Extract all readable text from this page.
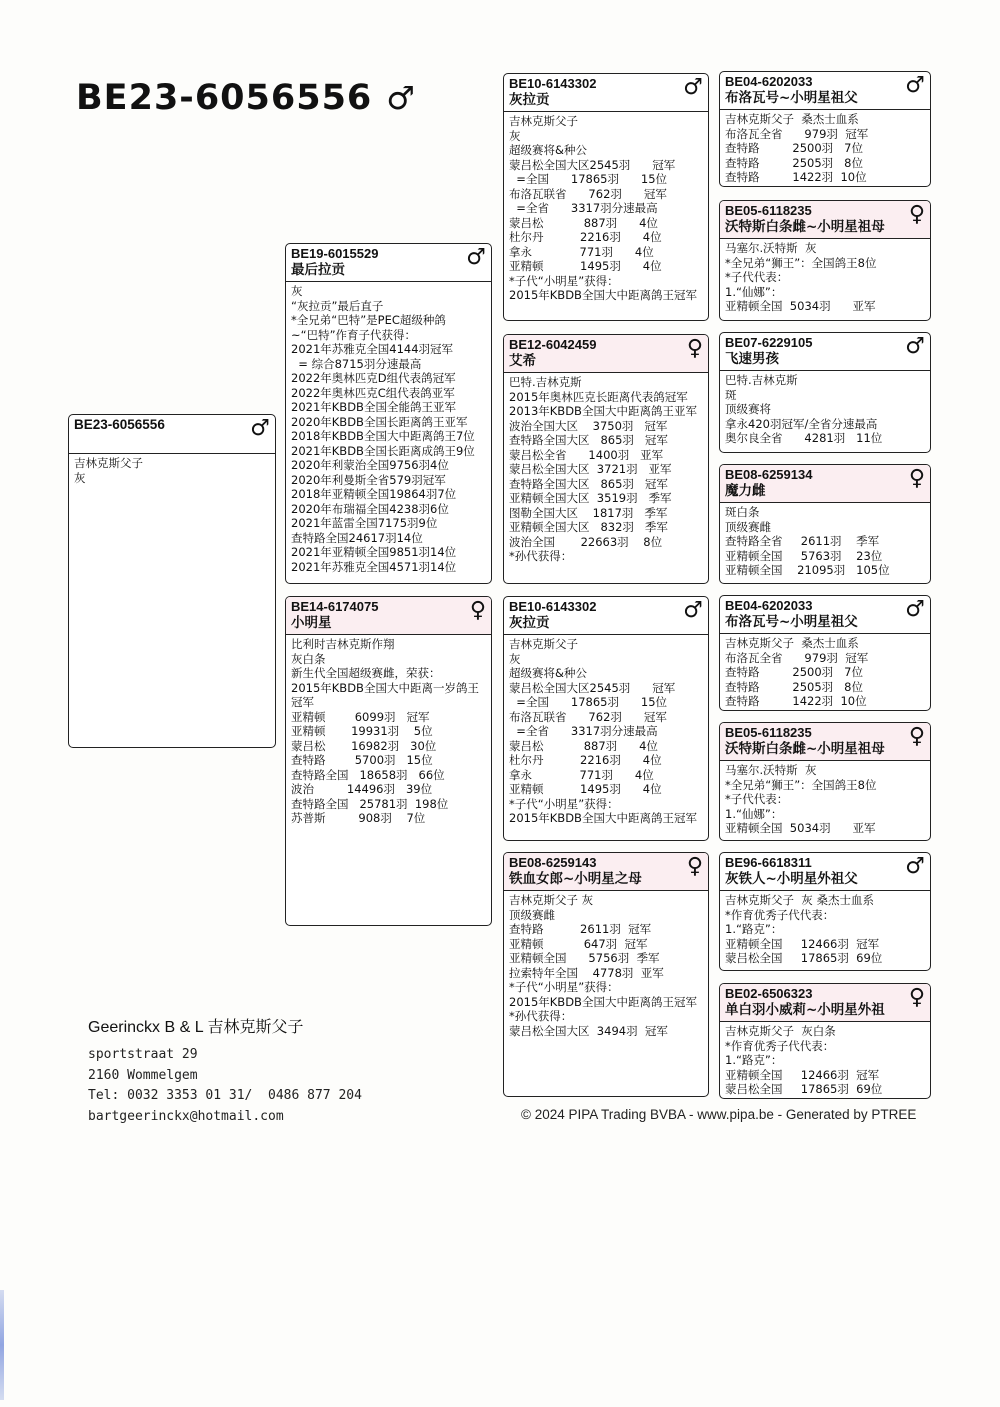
BE23-6056556 ♂
BE23-6056556	♂
吉林克斯父子
灰
BE19-6015529
最后拉贡	♂
灰
“灰拉贡”最后直子
*全兄弟“巴特”是PEC超级种鸽
~“巴特”作育子代获得：
2021年苏雅克全国4144羽冠军
= 综合8715羽分速最高
2022年奥林匹克D组代表鸽冠军
2022年奥林匹克C组代表鸽亚军
2021年KBDB全国全能鸽王亚军
2020年KBDB全国长距离鸽王亚军
2018年KBDB全国大中距离鸽王7位
2021年KBDB全国长距离成鸽王9位
2020年利蒙治全国9756羽4位
2020年利曼斯全省579羽冠军
2018年亚精顿全国19864羽7位
2020年布瑞福全国4238羽6位
2021年蓝雷全国7175羽9位
查特路全国24617羽14位
2021年亚精顿全国9851羽14位
2021年苏雅克全国4571羽14位
BE14-6174075
小明星	♀
比利时吉林克斯作翔
灰白条
新生代全国超级赛雌，荣获：
2015年KBDB全国大中距离一岁鸽王
冠军
亚精顿        6099羽   冠军
亚精顿       19931羽    5位
蒙吕松       16982羽   30位
查特路        5700羽   15位
查特路全国   18658羽   66位
波治         14496羽   39位
查特路全国   25781羽  198位
苏普斯         908羽    7位
BE10-6143302
灰拉贡	♂
吉林克斯父子
灰
超级赛将&种公
蒙吕松全国大区2545羽      冠军
=全国      17865羽      15位
布洛瓦联省      762羽      冠军
=全省      3317羽分速最高
蒙吕松           887羽      4位
杜尔丹          2216羽      4位
拿永             771羽      4位
亚精顿          1495羽      4位
*子代“小明星”获得：
2015年KBDB全国大中距离鸽王冠军
BE12-6042459
艾希	♀
巴特.吉林克斯
2015年奥林匹克长距离代表鸽冠军
2013年KBDB全国大中距离鸽王亚军
波治全国大区    3750羽   冠军
查特路全国大区   865羽   冠军
蒙吕松全省      1400羽   亚军
蒙吕松全国大区  3721羽   亚军
查特路全国大区   865羽   冠军
亚精顿全国大区  3519羽   季军
图勒全国大区    1817羽   季军
亚精顿全国大区   832羽   季军
波治全国       22663羽    8位
*孙代获得：
BE10-6143302
灰拉贡	♂
吉林克斯父子
灰
超级赛将&种公
蒙吕松全国大区2545羽      冠军
=全国      17865羽      15位
布洛瓦联省      762羽      冠军
=全省      3317羽分速最高
蒙吕松           887羽      4位
杜尔丹          2216羽      4位
拿永             771羽      4位
亚精顿          1495羽      4位
*子代“小明星”获得：
2015年KBDB全国大中距离鸽王冠军
BE08-6259143
铁血女郎~小明星之母	♀
吉林克斯父子 灰
顶级赛雌
查特路          2611羽  冠军
亚精顿           647羽  冠军
亚精顿全国      5756羽  季军
拉索特年全国    4778羽  亚军
*子代“小明星”获得：
2015年KBDB全国大中距离鸽王冠军
*孙代获得：
蒙吕松全国大区  3494羽  冠军
BE04-6202033
布洛瓦号~小明星祖父	♂
吉林克斯父子  桑杰士血系
布洛瓦全省      979羽  冠军
查特路         2500羽   7位
查特路         2505羽   8位
查特路         1422羽  10位
BE05-6118235
沃特斯白条雌~小明星祖母	♀
马塞尔.沃特斯  灰
*全兄弟“狮王”：全国鸽王8位
*子代代表：
1.“仙娜”：
亚精顿全国  5034羽      亚军
BE07-6229105
飞速男孩	♂
巴特.吉林克斯
斑
顶级赛将
拿永420羽冠军/全省分速最高
奥尔良全省      4281羽   11位
BE08-6259134
魔力雌	♀
斑白条
顶级赛雌
查特路全省     2611羽    季军
亚精顿全国     5763羽    23位
亚精顿全国    21095羽   105位
BE04-6202033
布洛瓦号~小明星祖父	♂
吉林克斯父子  桑杰士血系
布洛瓦全省      979羽  冠军
查特路         2500羽   7位
查特路         2505羽   8位
查特路         1422羽  10位
BE05-6118235
沃特斯白条雌~小明星祖母	♀
马塞尔.沃特斯  灰
*全兄弟“狮王”：全国鸽王8位
*子代代表：
1.“仙娜”：
亚精顿全国  5034羽      亚军
BE96-6618311
灰铁人~小明星外祖父	♂
吉林克斯父子  灰 桑杰士血系
*作育优秀子代代表：
1.“路克”：
亚精顿全国     12466羽  冠军
蒙吕松全国     17865羽  69位
BE02-6506323
单白羽小威莉~小明星外祖	♀
吉林克斯父子  灰白条
*作育优秀子代代表：
1.“路克”：
亚精顿全国     12466羽  冠军
蒙吕松全国     17865羽  69位
Geerinckx B & L 吉林克斯父子
sportstraat 29
2160 Wommelgem
Tel: 0032 3353 01 31/  0486 877 204
bartgeerinckx@hotmail.com	© 2024 PIPA Trading BVBA - www.pipa.be - Generated by PTREE
